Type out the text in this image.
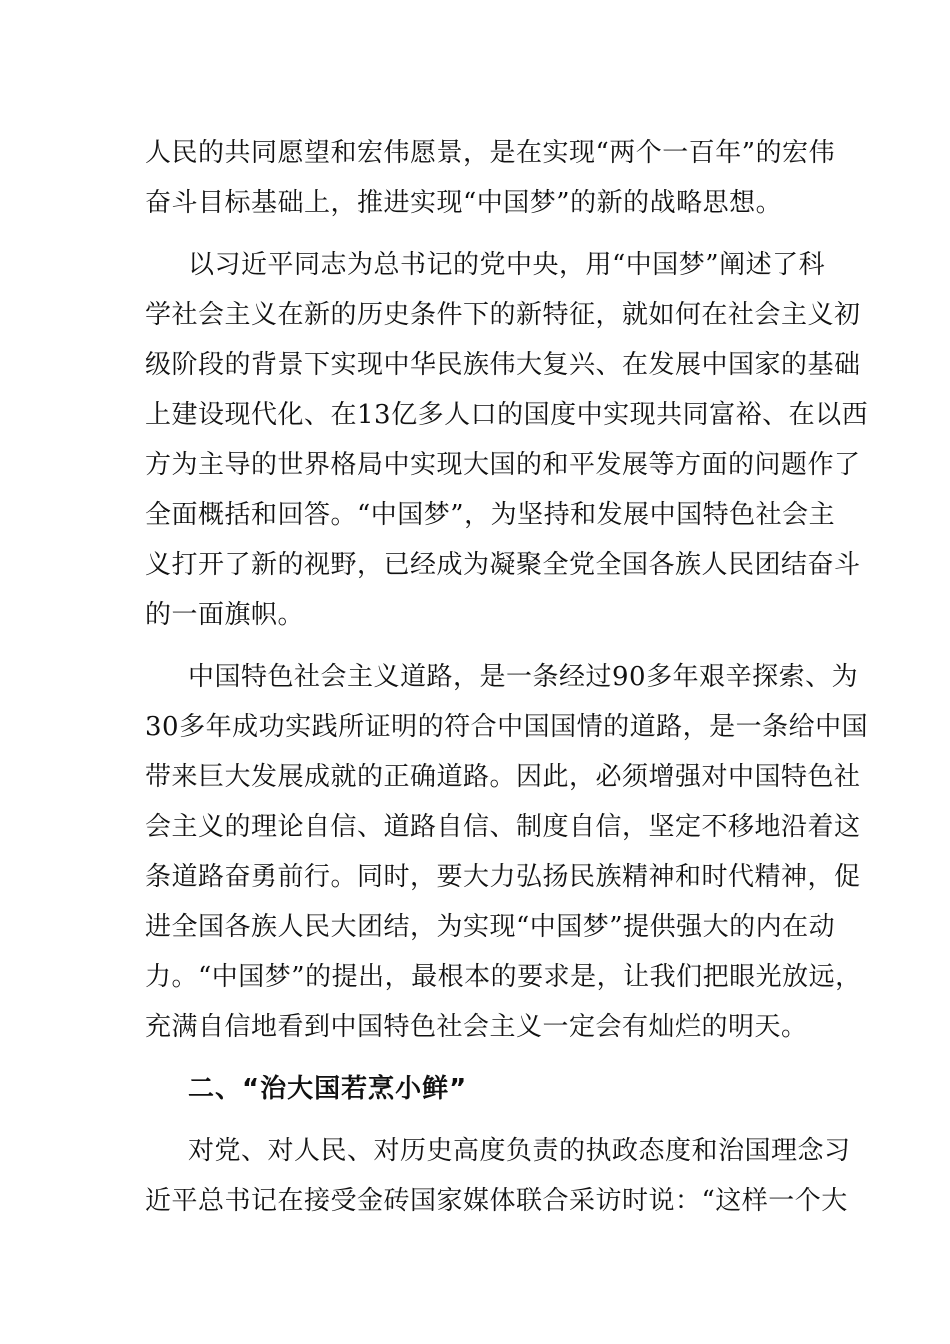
人民的共同愿望和宏伟愿景，是在实现“两个一百年”的宏伟
奋斗目标基础上，推进实现“中国梦”的新的战略思想。
以习近平同志为总书记的党中央，用“中国梦”阐述了科
学社会主义在新的历史条件下的新特征，就如何在社会主义初
级阶段的背景下实现中华民族伟大复兴、在发展中国家的基础
上建设现代化、在13亿多人口的国度中实现共同富裕、在以西
方为主导的世界格局中实现大国的和平发展等方面的问题作了
全面概括和回答。“中国梦”，为坚持和发展中国特色社会主
义打开了新的视野，已经成为凝聚全党全国各族人民团结奋斗
的一面旗帜。
中国特色社会主义道路，是一条经过90多年艰辛探索、为
30多年成功实践所证明的符合中国国情的道路，是一条给中国
带来巨大发展成就的正确道路。因此，必须增强对中国特色社
会主义的理论自信、道路自信、制度自信，坚定不移地沿着这
条道路奋勇前行。同时，要大力弘扬民族精神和时代精神，促
进全国各族人民大团结，为实现“中国梦”提供强大的内在动
力。“中国梦”的提出，最根本的要求是，让我们把眼光放远，
充满自信地看到中国特色社会主义一定会有灿烂的明天。
二、“治大国若烹小鲜”
对党、对人民、对历史高度负责的执政态度和治国理念习
近平总书记在接受金砖国家媒体联合采访时说：“这样一个大
